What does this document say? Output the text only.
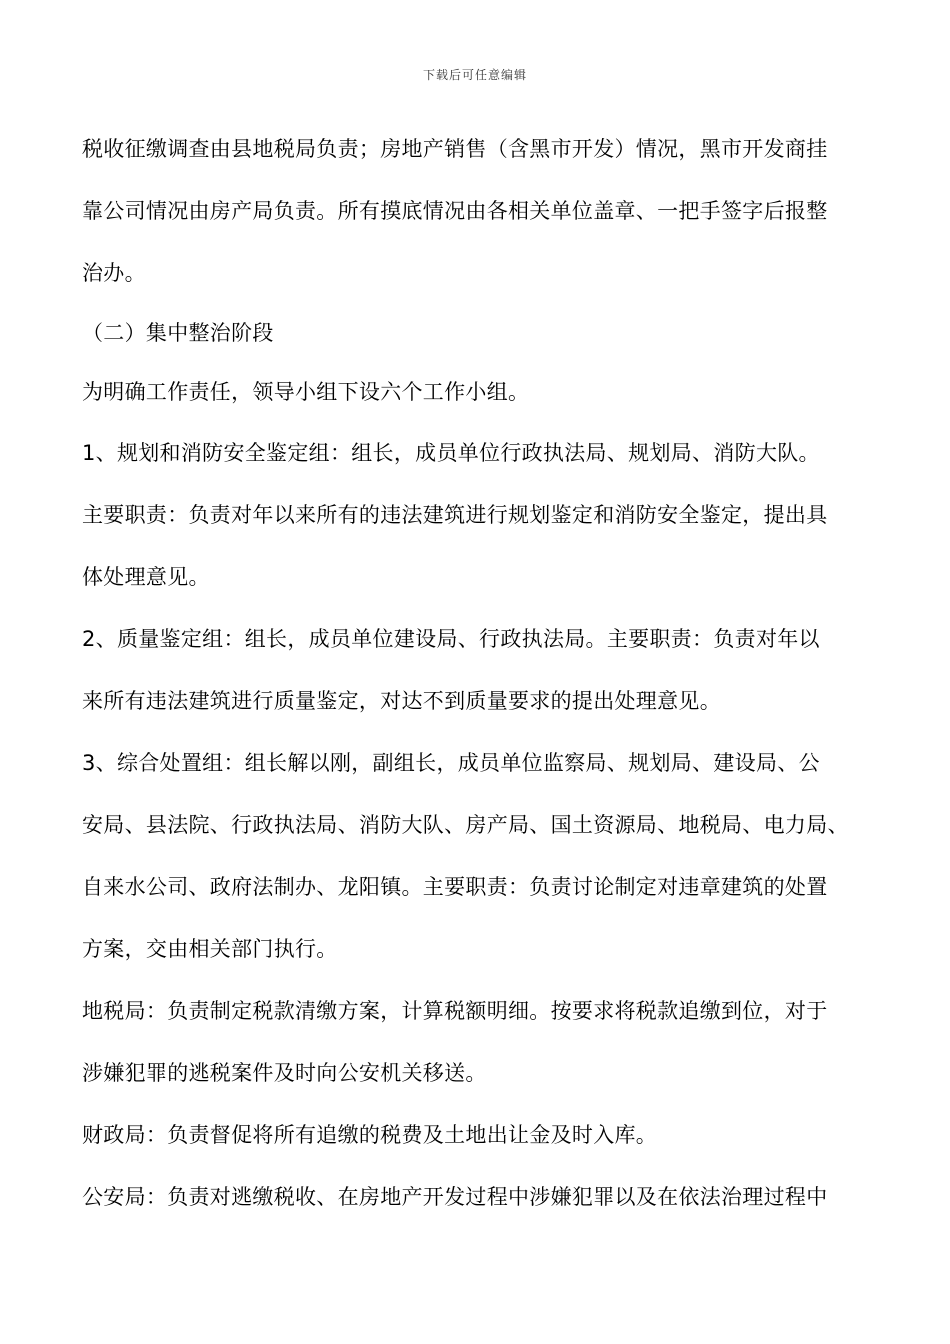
下载后可任意编辑

税收征缴调查由县地税局负责；房地产销售（含黑市开发）情况，黑市开发商挂

靠公司情况由房产局负责。所有摸底情况由各相关单位盖章、一把手签字后报整

治办。

（二）集中整治阶段

为明确工作责任，领导小组下设六个工作小组。

1、规划和消防安全鉴定组：组长，成员单位行政执法局、规划局、消防大队。

主要职责：负责对年以来所有的违法建筑进行规划鉴定和消防安全鉴定，提出具

体处理意见。

2、质量鉴定组：组长，成员单位建设局、行政执法局。主要职责：负责对年以

来所有违法建筑进行质量鉴定，对达不到质量要求的提出处理意见。

3、综合处置组：组长解以刚，副组长，成员单位监察局、规划局、建设局、公

安局、县法院、行政执法局、消防大队、房产局、国土资源局、地税局、电力局、

自来水公司、政府法制办、龙阳镇。主要职责：负责讨论制定对违章建筑的处置

方案，交由相关部门执行。

地税局：负责制定税款清缴方案，计算税额明细。按要求将税款追缴到位，对于

涉嫌犯罪的逃税案件及时向公安机关移送。

财政局：负责督促将所有追缴的税费及土地出让金及时入库。

公安局：负责对逃缴税收、在房地产开发过程中涉嫌犯罪以及在依法治理过程中
